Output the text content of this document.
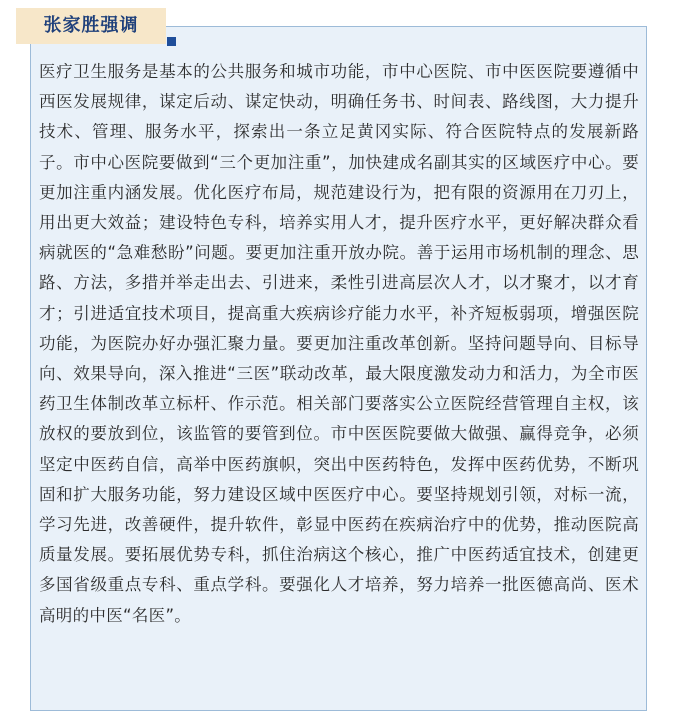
张家胜强调

医疗卫生服务是基本的公共服务和城市功能，市中心医院、市中医医院要遵循中西医发展规律，谋定后动、谋定快动，明确任务书、时间表、路线图，大力提升技术、管理、服务水平，探索出一条立足黄冈实际、符合医院特点的发展新路子。市中心医院要做到“三个更加注重”，加快建成名副其实的区域医疗中心。要更加注重内涵发展。优化医疗布局，规范建设行为，把有限的资源用在刀刃上，用出更大效益；建设特色专科，培养实用人才，提升医疗水平，更好解决群众看病就医的“急难愁盼”问题。要更加注重开放办院。善于运用市场机制的理念、思路、方法，多措并举走出去、引进来，柔性引进高层次人才，以才聚才，以才育才；引进适宜技术项目，提高重大疾病诊疗能力水平，补齐短板弱项，增强医院功能，为医院办好办强汇聚力量。要更加注重改革创新。坚持问题导向、目标导向、效果导向，深入推进“三医”联动改革，最大限度激发动力和活力，为全市医药卫生体制改革立标杆、作示范。相关部门要落实公立医院经营管理自主权，该放权的要放到位，该监管的要管到位。市中医医院要做大做强、赢得竞争，必须坚定中医药自信，高举中医药旗帜，突出中医药特色，发挥中医药优势，不断巩固和扩大服务功能，努力建设区域中医医疗中心。要坚持规划引领，对标一流，学习先进，改善硬件，提升软件，彰显中医药在疾病治疗中的优势，推动医院高质量发展。要拓展优势专科，抓住治病这个核心，推广中医药适宜技术，创建更多国省级重点专科、重点学科。要强化人才培养，努力培养一批医德高尚、医术高明的中医“名医”。
